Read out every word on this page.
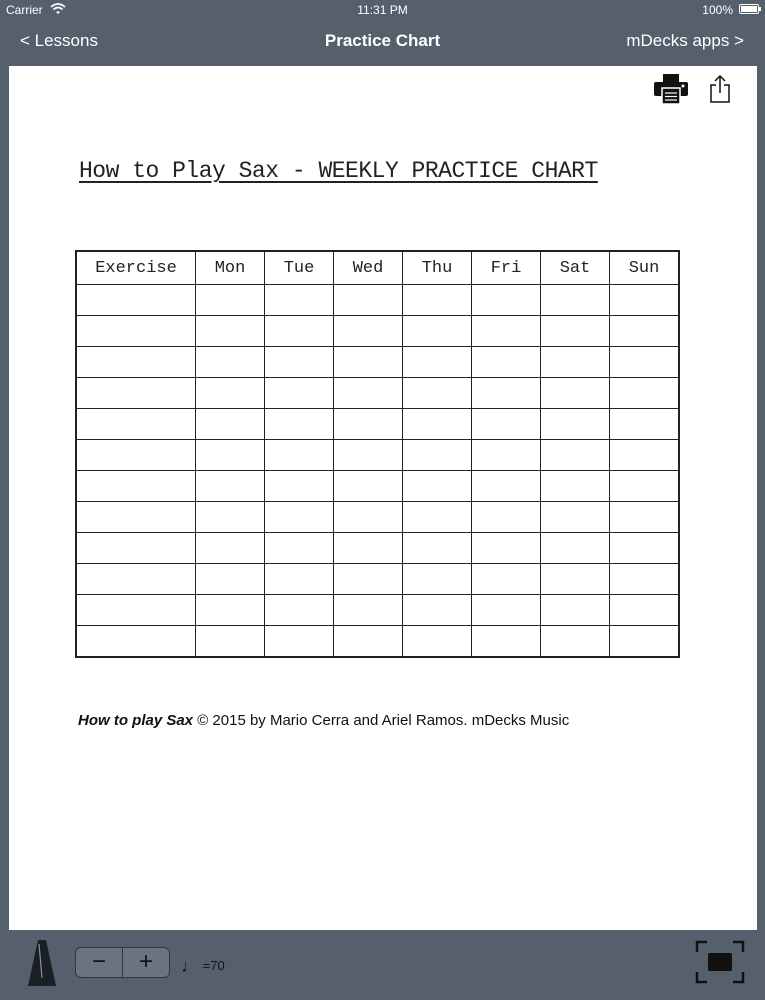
Carrier	11:31 PM	100%
< Lessons	Practice Chart	mDecks apps >
How to Play Sax - WEEKLY PRACTICE CHART
Exercise	Mon	Tue	Wed	Thu	Fri	Sat	Sun

How to play Sax © 2015 by Mario Cerra and Ariel Ramos. mDecks Music
−	+	♩ =70
